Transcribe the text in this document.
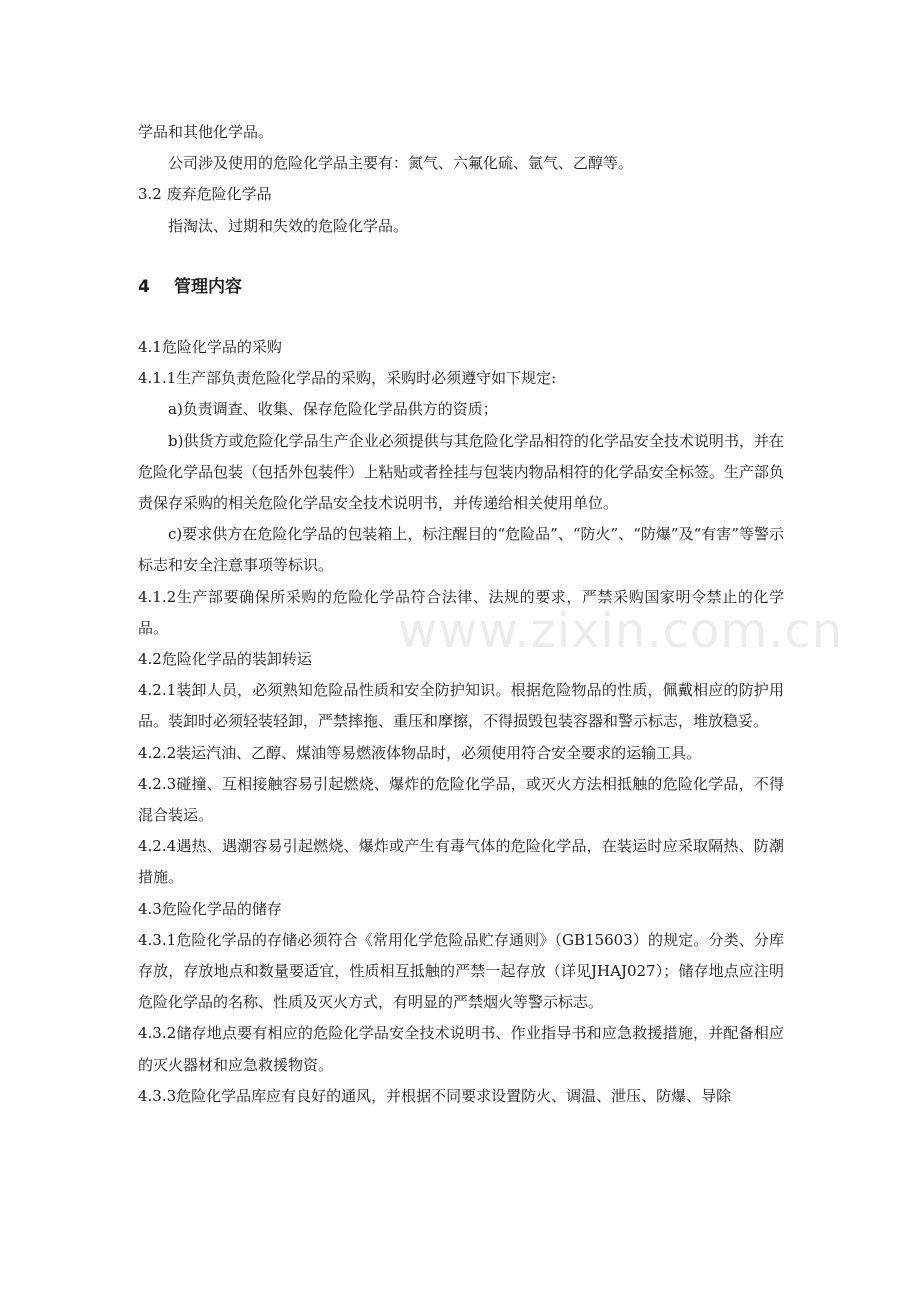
学品和其他化学品。

公司涉及使用的危险化学品主要有：氮气、六氟化硫、氩气、乙醇等。

3.2 废弃危险化学品

指淘汰、过期和失效的危险化学品。

4 管理内容

4.1危险化学品的采购

4.1.1生产部负责危险化学品的采购，采购时必须遵守如下规定:

a)负责调查、收集、保存危险化学品供方的资质；

b)供货方或危险化学品生产企业必须提供与其危险化学品相符的化学品安全技术说明书，并在危险化学品包装（包括外包装件）上粘贴或者拴挂与包装内物品相符的化学品安全标签。生产部负责保存采购的相关危险化学品安全技术说明书，并传递给相关使用单位。

c)要求供方在危险化学品的包装箱上，标注醒目的“危险品”、“防火”、“防爆”及“有害”等警示标志和安全注意事项等标识。

4.1.2生产部要确保所采购的危险化学品符合法律、法规的要求，严禁采购国家明令禁止的化学品。

4.2危险化学品的装卸转运

4.2.1装卸人员，必须熟知危险品性质和安全防护知识。根据危险物品的性质，佩戴相应的防护用品。装卸时必须轻装轻卸，严禁摔拖、重压和摩擦，不得损毁包装容器和警示标志，堆放稳妥。

4.2.2装运汽油、乙醇、煤油等易燃液体物品时，必须使用符合安全要求的运输工具。

4.2.3碰撞、互相接触容易引起燃烧、爆炸的危险化学品，或灭火方法相抵触的危险化学品，不得混合装运。

4.2.4遇热、遇潮容易引起燃烧、爆炸或产生有毒气体的危险化学品，在装运时应采取隔热、防潮措施。

4.3危险化学品的储存

4.3.1危险化学品的存储必须符合《常用化学危险品贮存通则》（GB15603）的规定。分类、分库存放，存放地点和数量要适宜，性质相互抵触的严禁一起存放（详见JHAJ027）；储存地点应注明危险化学品的名称、性质及灭火方式，有明显的严禁烟火等警示标志。

4.3.2储存地点要有相应的危险化学品安全技术说明书、作业指导书和应急救援措施，并配备相应的灭火器材和应急救援物资。

4.3.3危险化学品库应有良好的通风，并根据不同要求设置防火、调温、泄压、防爆、导除

www.zixin.com.cn
